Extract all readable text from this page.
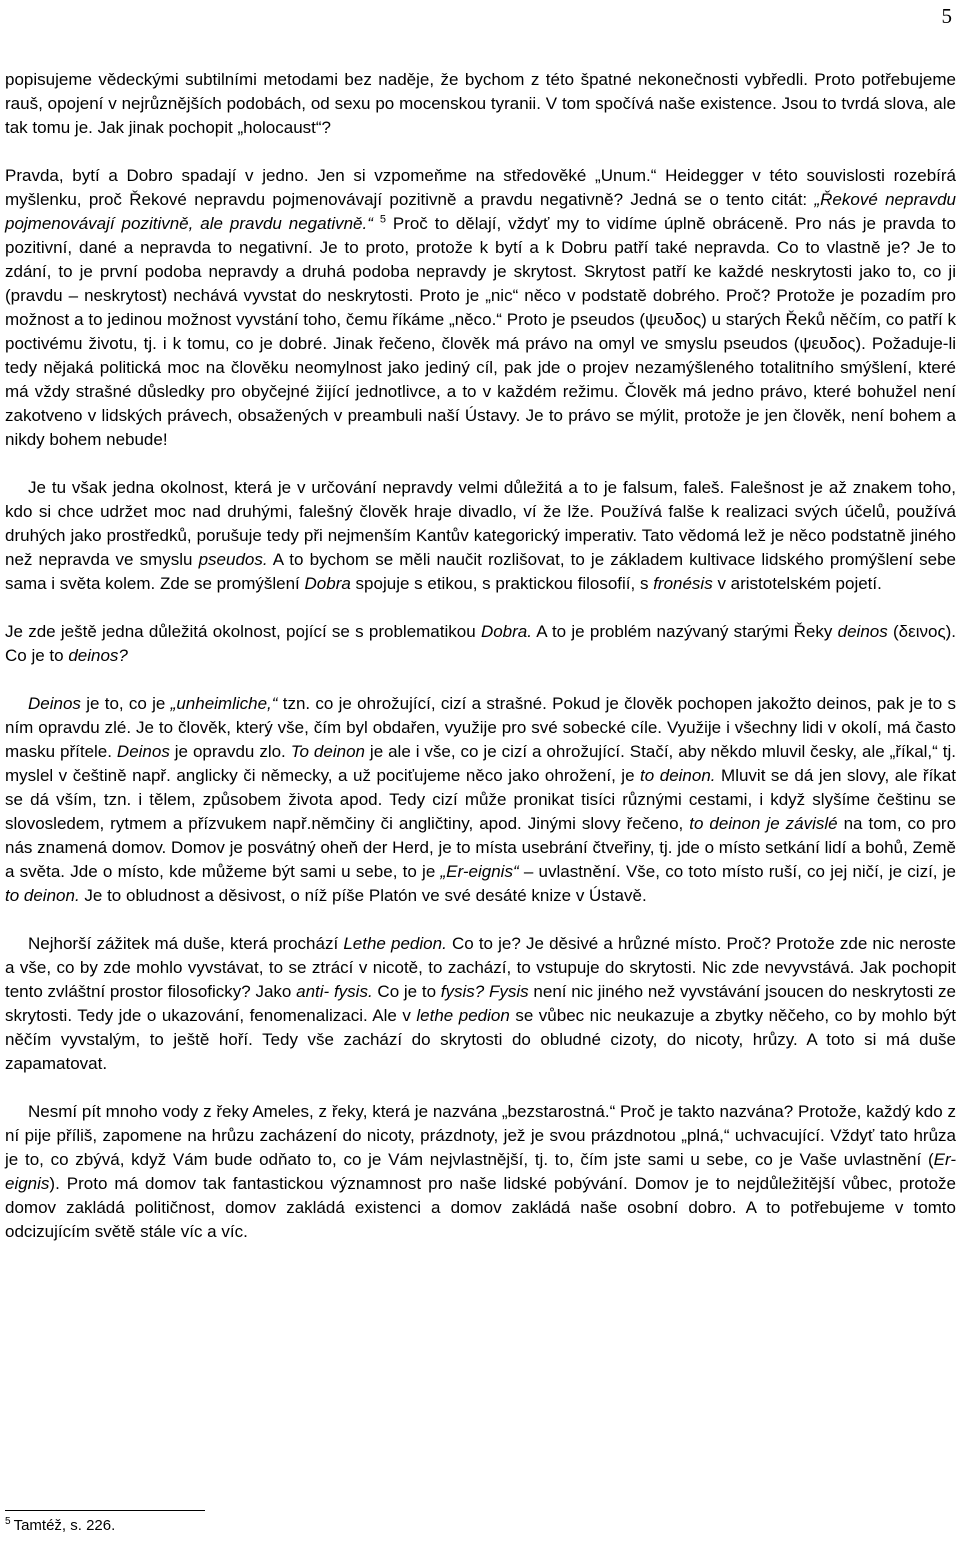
5

popisujeme vědeckými subtilními metodami bez naděje, že bychom z této špatné nekonečnosti vybředli. Proto potřebujeme rauš, opojení v nejrůznějších podobách, od sexu po mocenskou tyranii. V tom spočívá naše existence. Jsou to tvrdá slova, ale tak tomu je. Jak jinak pochopit „holocaust“?

Pravda, bytí a Dobro spadají v jedno. Jen si vzpomeňme na středověké „Unum.“ Heidegger v této souvislosti rozebírá myšlenku, proč Řekové nepravdu pojmenovávají pozitivně a pravdu negativně? Jedná se o tento citát: „Řekové nepravdu pojmenovávají pozitivně, ale pravdu negativně.“ $^5$ Proč to dělají, vždyť my to vidíme úplně obráceně. Pro nás je pravda to pozitivní, dané a nepravda to negativní. Je to proto, protože k bytí a k Dobru patří také nepravda. Co to vlastně je? Je to zdání, to je první podoba nepravdy a druhá podoba nepravdy je skrytost. Skrytost patří ke každé neskrytosti jako to, co ji (pravdu – neskrytost) nechává vyvstat do neskrytosti. Proto je „nic“ něco v podstatě dobrého. Proč? Protože je pozadím pro možnost a to jedinou možnost vyvstání toho, čemu říkáme „něco.“ Proto je pseudos (ψευδος) u starých Řeků něčím, co patří k poctivému životu, tj. i k tomu, co je dobré. Jinak řečeno, člověk má právo na omyl ve smyslu pseudos (ψευδος). Požaduje-li tedy nějaká politická moc na člověku neomylnost jako jediný cíl, pak jde o projev nezamýšleného totalitního smýšlení, které má vždy strašné důsledky pro obyčejné žijící jednotlivce, a to v každém režimu. Člověk má jedno právo, které bohužel není zakotveno v lidských právech, obsažených v preambuli naší Ústavy. Je to právo se mýlit, protože je jen člověk, není bohem a nikdy bohem nebude!

Je tu však jedna okolnost, která je v určování nepravdy velmi důležitá a to je falsum, faleš. Falešnost je až znakem toho, kdo si chce udržet moc nad druhými, falešný člověk hraje divadlo, ví že lže. Používá falše k realizaci svých účelů, používá druhých jako prostředků, porušuje tedy při nejmenším Kantův kategorický imperativ. Tato vědomá lež je něco podstatně jiného než nepravda ve smyslu pseudos. A to bychom se měli naučit rozlišovat, to je základem kultivace lidského promýšlení sebe sama i světa kolem. Zde se promýšlení Dobra spojuje s etikou, s praktickou filosofií, s fronésis v aristotelském pojetí.

Je zde ještě jedna důležitá okolnost, pojící se s problematikou Dobra. A to je problém nazývaný starými Řeky deinos (δεινος). Co je to deinos?

Deinos je to, co je „unheimliche,“ tzn. co je ohrožující, cizí a strašné. Pokud je člověk pochopen jakožto deinos, pak je to s ním opravdu zlé. Je to člověk, který vše, čím byl obdařen, využije pro své sobecké cíle. Využije i všechny lidi v okolí, má často masku přítele. Deinos je opravdu zlo. To deinon je ale i vše, co je cizí a ohrožující. Stačí, aby někdo mluvil česky, ale „říkal,“ tj. myslel v češtině např. anglicky či německy, a už pociťujeme něco jako ohrožení, je to deinon. Mluvit se dá jen slovy, ale říkat se dá vším, tzn. i tělem, způsobem života apod. Tedy cizí může pronikat tisíci různými cestami, i když slyšíme češtinu se slovosledem, rytmem a přízvukem např.němčiny či angličtiny, apod. Jinými slovy řečeno, to deinon je závislé na tom, co pro nás znamená domov. Domov je posvátný oheň der Herd, je to místa usebrání čtveřiny, tj. jde o místo setkání lidí a bohů, Země a světa. Jde o místo, kde můžeme být sami u sebe, to je „Er-eignis“ – uvlastnění. Vše, co toto místo ruší, co jej ničí, je cizí, je to deinon. Je to obludnost a děsivost, o níž píše Platón ve své desáté knize v Ústavě.

Nejhorší zážitek má duše, která prochází Lethe pedion. Co to je? Je děsivé a hrůzné místo. Proč? Protože zde nic neroste a vše, co by zde mohlo vyvstávat, to se ztrácí v nicotě, to zachází, to vstupuje do skrytosti. Nic zde nevyvstává. Jak pochopit tento zvláštní prostor filosoficky? Jako anti- fysis. Co je to fysis? Fysis není nic jiného než vyvstávání jsoucen do neskrytosti ze skrytosti. Tedy jde o ukazování, fenomenalizaci. Ale v lethe pedion se vůbec nic neukazuje a zbytky něčeho, co by mohlo být něčím vyvstalým, to ještě hoří. Tedy vše zachází do skrytosti do obludné cizoty, do nicoty, hrůzy. A toto si má duše zapamatovat.

Nesmí pít mnoho vody z řeky Ameles, z řeky, která je nazvána „bezstarostná.“ Proč je takto nazvána? Protože, každý kdo z ní pije příliš, zapomene na hrůzu zacházení do nicoty, prázdnoty, jež je svou prázdnotou „plná,“ uchvacující. Vždyť tato hrůza je to, co zbývá, když Vám bude odňato to, co je Vám nejvlastnější, tj. to, čím jste sami u sebe, co je Vaše uvlastnění (Er-eignis). Proto má domov tak fantastickou významnost pro naše lidské pobývání. Domov je to nejdůležitější vůbec, protože domov zakládá političnost, domov zakládá existenci a domov zakládá naše osobní dobro. A to potřebujeme v tomto odcizujícím světě stále víc a víc.

$^5$ Tamtéž, s. 226.
